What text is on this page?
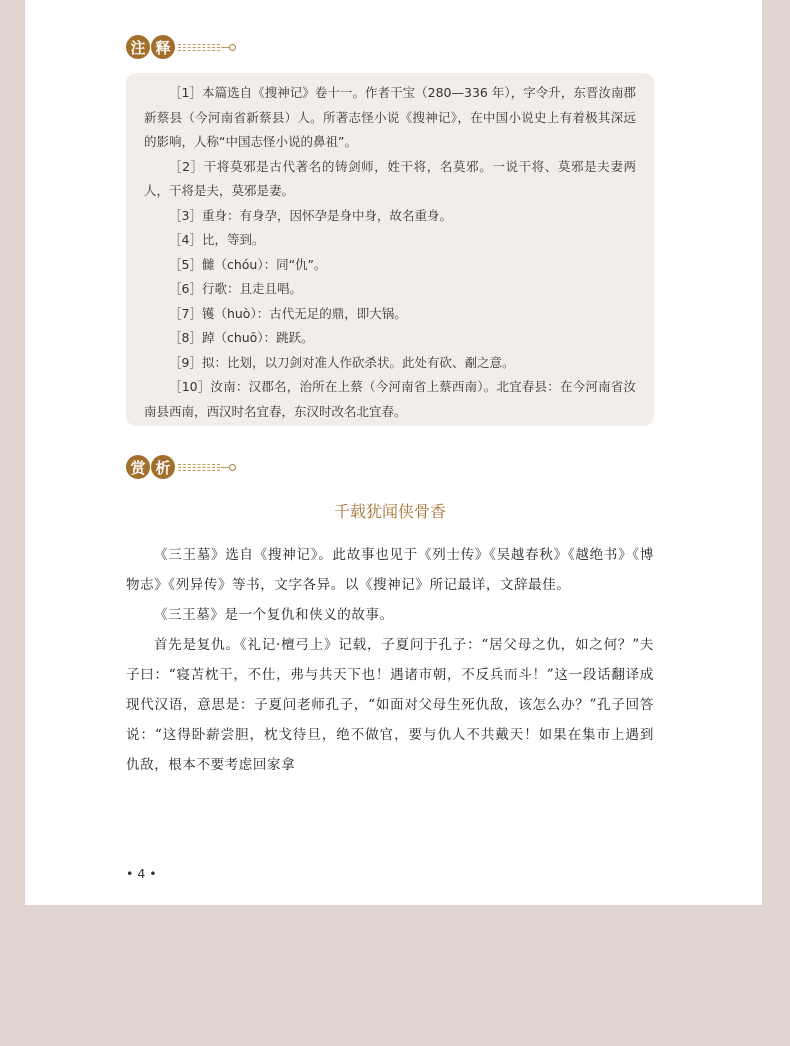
注 释

［1］本篇选自《搜神记》卷十一。作者干宝（280—336 年），字令升，东晋汝南郡新蔡县（今河南省新蔡县）人。所著志怪小说《搜神记》，在中国小说史上有着极其深远的影响，人称“中国志怪小说的鼻祖”。

［2］干将莫邪是古代著名的铸剑师，姓干将，名莫邪。一说干将、莫邪是夫妻两人，干将是夫，莫邪是妻。

［3］重身：有身孕，因怀孕是身中身，故名重身。

［4］比，等到。

［5］雠（chóu）：同“仇”。

［6］行歌：且走且唱。

［7］镬（huò）：古代无足的鼎，即大锅。

［8］踔（chuō）：跳跃。

［9］拟：比划，以刀剑对准人作砍杀状。此处有砍、劀之意。

［10］汝南：汉郡名，治所在上蔡（今河南省上蔡西南）。北宜春县：在今河南省汝南县西南，西汉时名宜春，东汉时改名北宜春。

赏 析
千载犹闻侠骨香

《三王墓》选自《搜神记》。此故事也见于《列士传》《吴越春秋》《越绝书》《博物志》《列异传》等书，文字各异。以《搜神记》所记最详，文辞最佳。

《三王墓》是一个复仇和侠义的故事。

首先是复仇。《礼记·檀弓上》记载，子夏问于孔子：“居父母之仇，如之何？”夫子曰：“寝苫枕干，不仕，弗与共天下也！遇诸市朝，不反兵而斗！”这一段话翻译成现代汉语，意思是：子夏问老师孔子，“如面对父母生死仇敌，该怎么办？”孔子回答说：“这得卧薪尝胆，枕戈待旦，绝不做官，要与仇人不共戴天！如果在集市上遇到仇敌，根本不要考虑回家拿

• 4 •
